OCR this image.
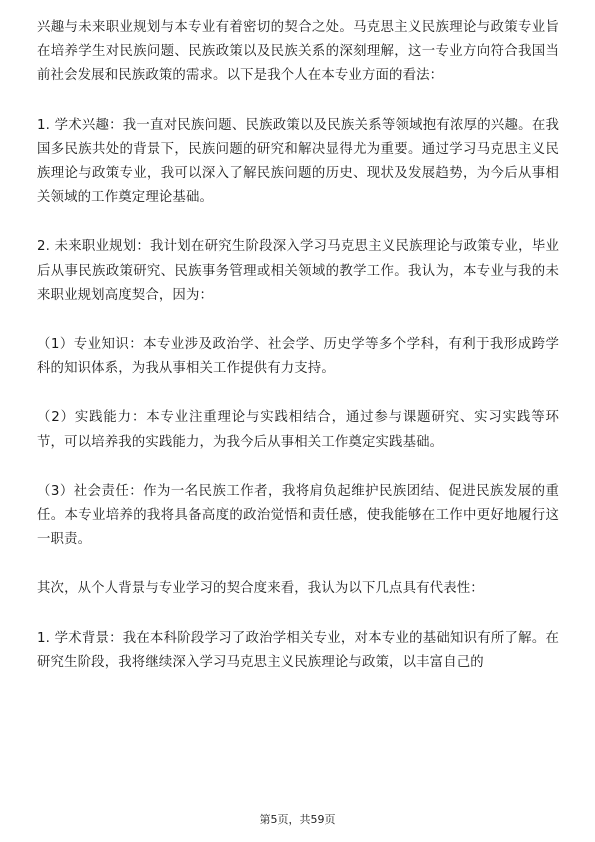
兴趣与未来职业规划与本专业有着密切的契合之处。马克思主义民族理论与政策专业旨在培养学生对民族问题、民族政策以及民族关系的深刻理解，这一专业方向符合我国当前社会发展和民族政策的需求。以下是我个人在本专业方面的看法：

1. 学术兴趣：我一直对民族问题、民族政策以及民族关系等领域抱有浓厚的兴趣。在我国多民族共处的背景下，民族问题的研究和解决显得尤为重要。通过学习马克思主义民族理论与政策专业，我可以深入了解民族问题的历史、现状及发展趋势，为今后从事相关领域的工作奠定理论基础。

2. 未来职业规划：我计划在研究生阶段深入学习马克思主义民族理论与政策专业，毕业后从事民族政策研究、民族事务管理或相关领域的教学工作。我认为，本专业与我的未来职业规划高度契合，因为：

（1）专业知识：本专业涉及政治学、社会学、历史学等多个学科，有利于我形成跨学科的知识体系，为我从事相关工作提供有力支持。

（2）实践能力：本专业注重理论与实践相结合，通过参与课题研究、实习实践等环节，可以培养我的实践能力，为我今后从事相关工作奠定实践基础。

（3）社会责任：作为一名民族工作者，我将肩负起维护民族团结、促进民族发展的重任。本专业培养的我将具备高度的政治觉悟和责任感，使我能够在工作中更好地履行这一职责。

其次，从个人背景与专业学习的契合度来看，我认为以下几点具有代表性：

1. 学术背景：我在本科阶段学习了政治学相关专业，对本专业的基础知识有所了解。在研究生阶段，我将继续深入学习马克思主义民族理论与政策，以丰富自己的

第5页，共59页
